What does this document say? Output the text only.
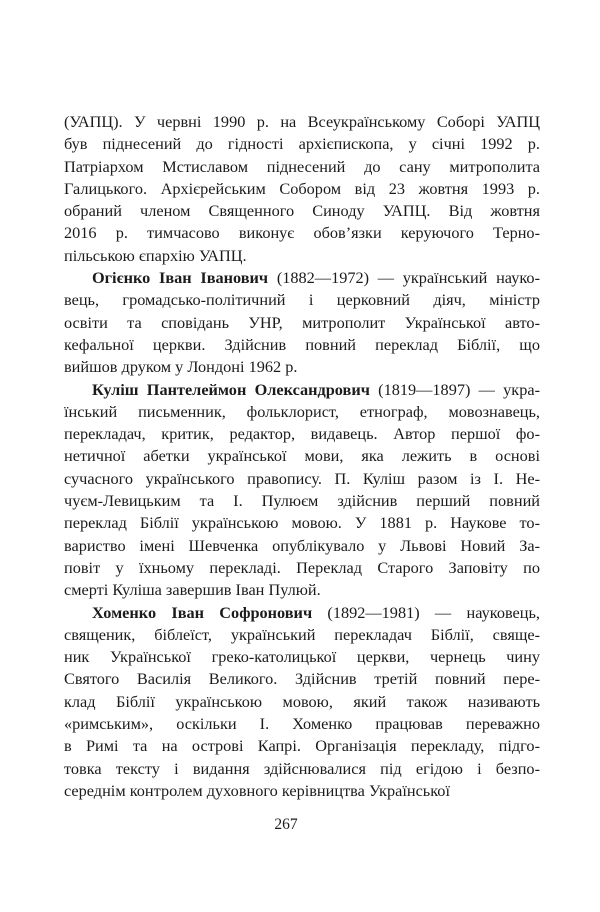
(УАПЦ). У червні 1990 р. на Всеукраїнському Соборі УАПЦ
був піднесений до гідності архієпископа, у січні 1992 р.
Патріархом Мстиславом піднесений до сану митрополита
Галицького. Архієрейським Собором від 23 жовтня 1993 р.
обраний членом Священного Синоду УАПЦ. Від жовтня
2016 р. тимчасово виконує обов’язки керуючого Терно-
пільською єпархію УАПЦ.
Огієнко Іван Іванович (1882—1972) — український науко-
вець, громадсько-політичний і церковний діяч, міністр
освіти та сповідань УНР, митрополит Української авто-
кефальної церкви. Здійснив повний переклад Біблії, що
вийшов друком у Лондоні 1962 р.
Куліш Пантелеймон Олександрович (1819—1897) — укра-
їнський письменник, фольклорист, етнограф, мовознавець,
перекладач, критик, редактор, видавець. Автор першої фо-
нетичної абетки української мови, яка лежить в основі
сучасного українського правопису. П. Куліш разом із І. Не-
чуєм-Левицьким та І. Пулюєм здійснив перший повний
переклад Біблії українською мовою. У 1881 р. Наукове то-
вариство імені Шевченка опублікувало у Львові Новий За-
повіт у їхньому перекладі. Переклад Старого Заповіту по
смерті Куліша завершив Іван Пулюй.
Хоменко Іван Софронович (1892—1981) — науковець,
священик, біблеїст, український перекладач Біблії, свяще-
ник Української греко-католицької церкви, чернець чину
Святого Василія Великого. Здійснив третій повний пере-
клад Біблії українською мовою, який також називають
«римським», оскільки І. Хоменко працював переважно
в Римі та на острові Капрі. Організація перекладу, підго-
товка тексту і видання здійснювалися під егідою і безпо-
середнім контролем духовного керівництва Української
267
